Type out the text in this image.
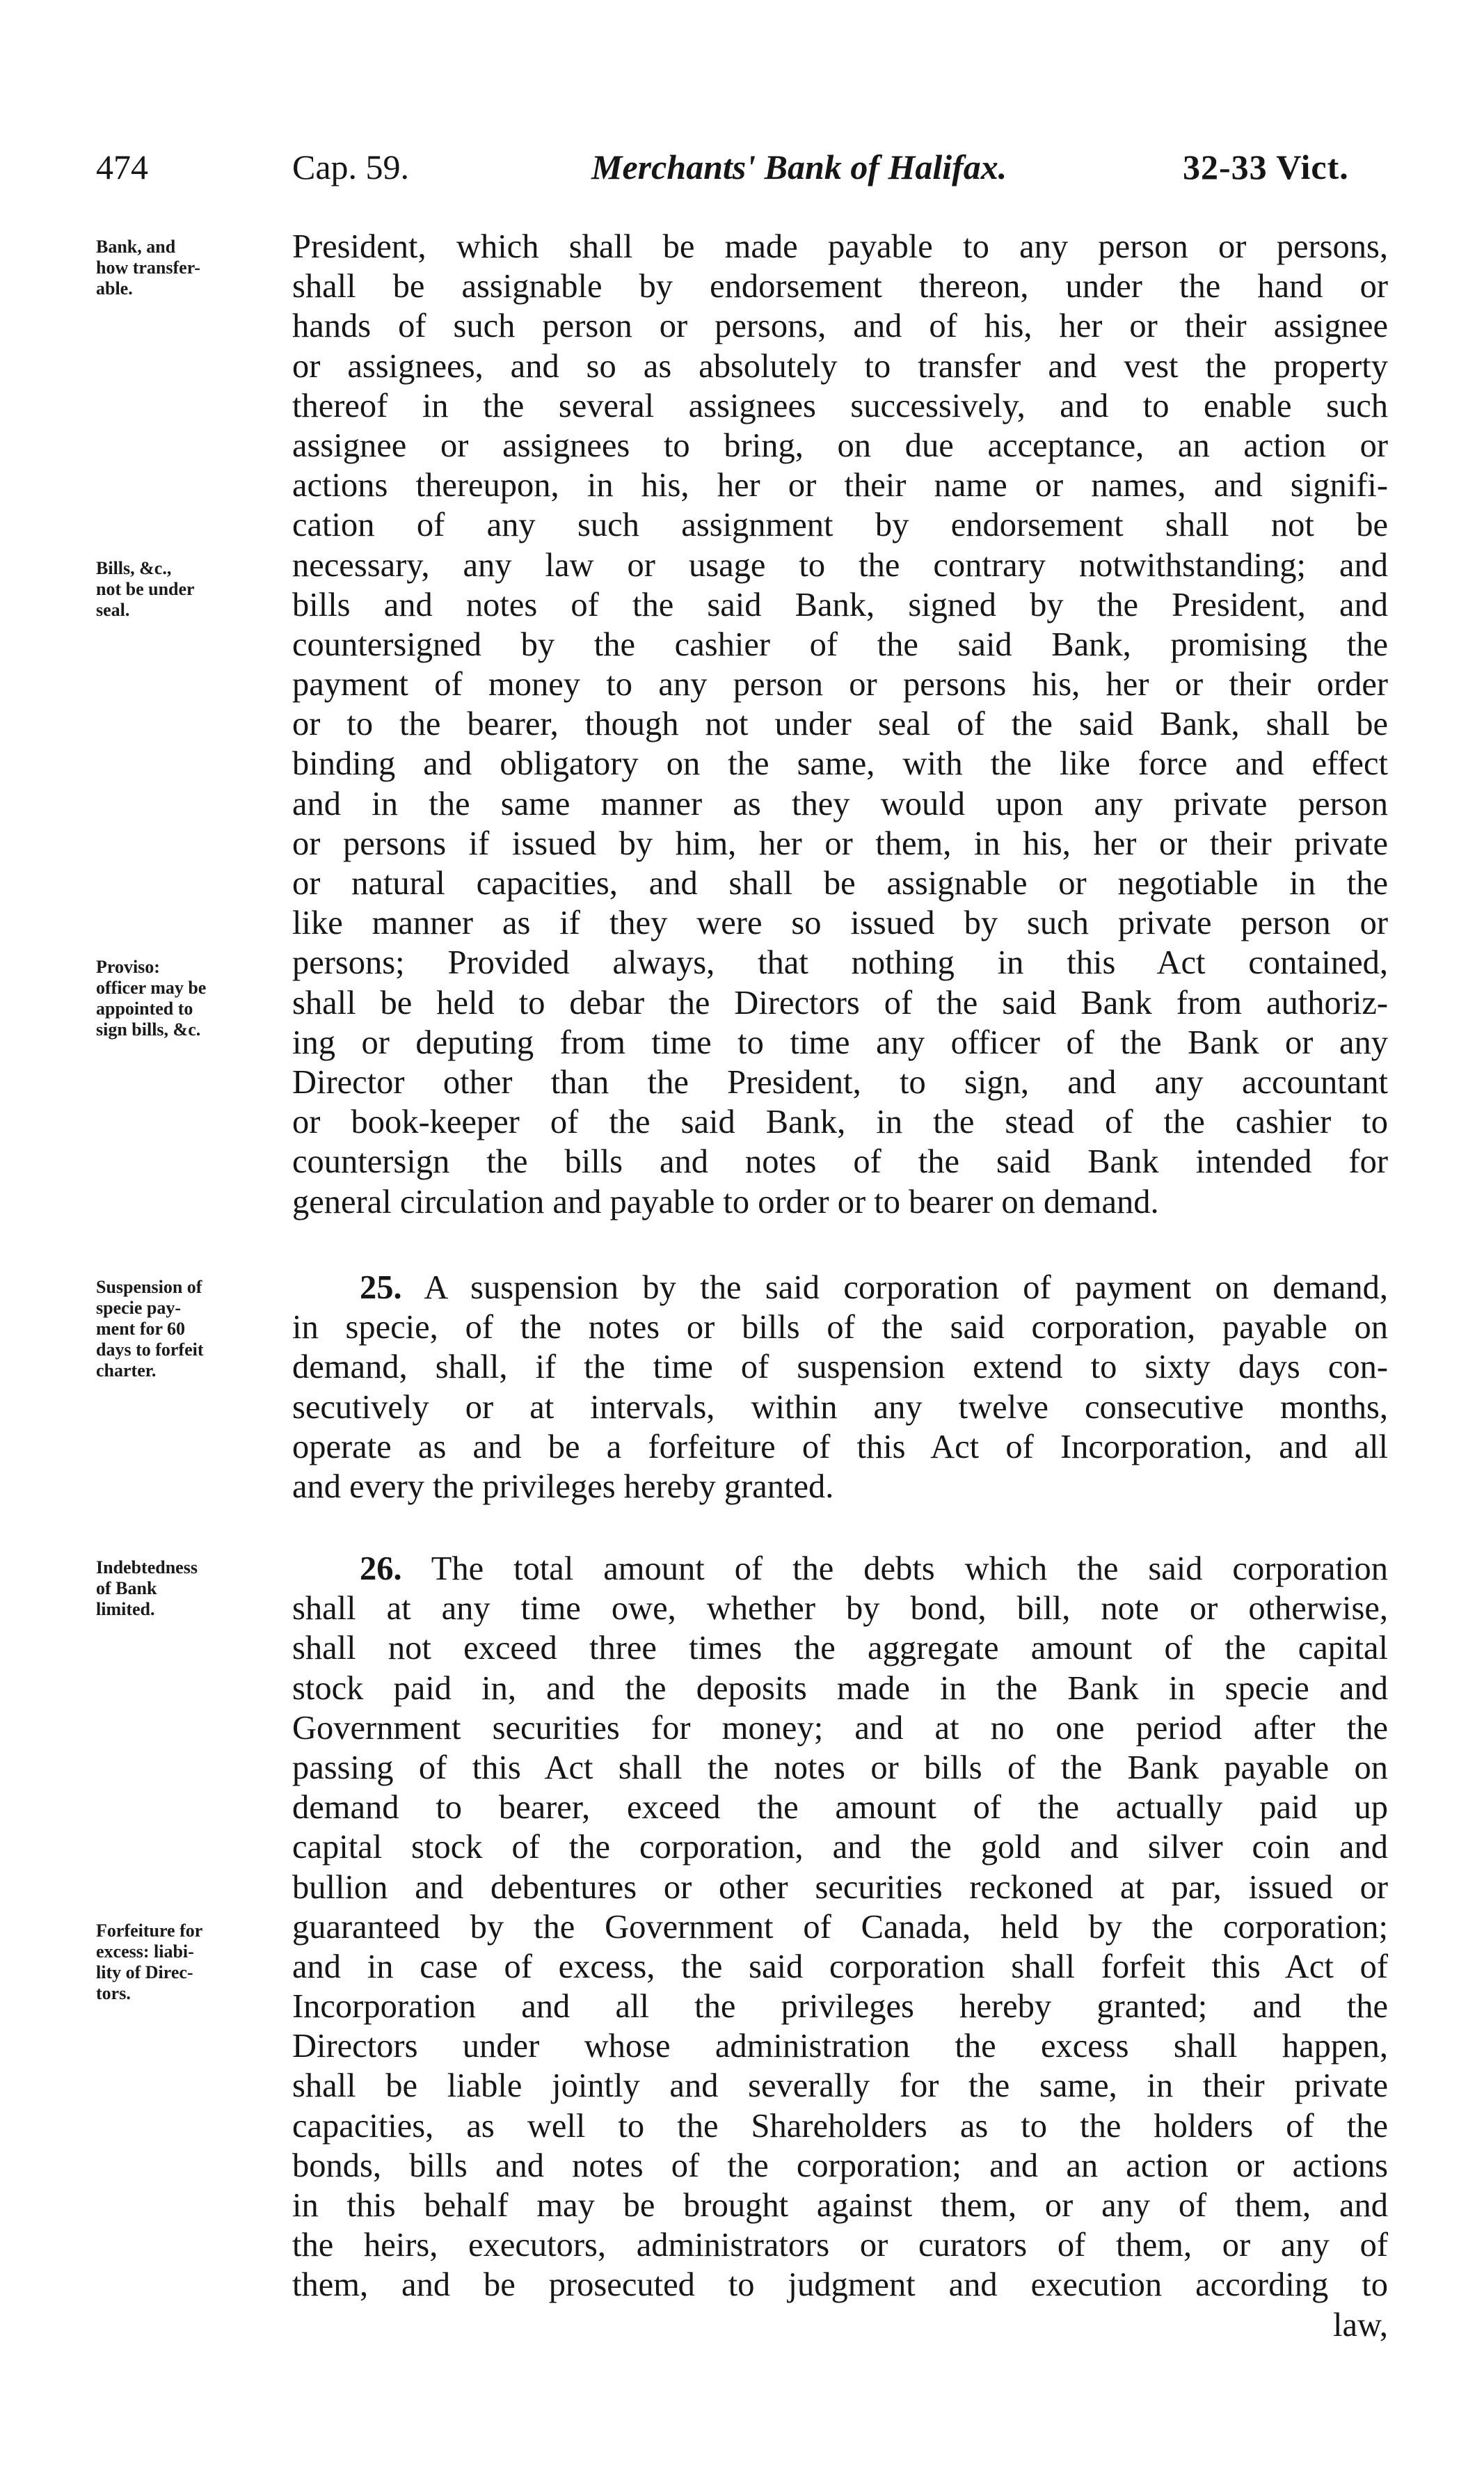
474	Cap. 59.	Merchants' Bank of Halifax.	32-33 Vict.
Bank, and
how transfer-
able.
Bills, &c.,
not be under
seal.
Proviso:
officer may be
appointed to
sign bills, &c.
Suspension of
specie pay-
ment for 60
days to forfeit
charter.
Indebtedness
of Bank
limited.
Forfeiture for
excess: liabi-
lity of Direc-
tors.
President, which shall be made payable to any person or persons,
shall be assignable by endorsement thereon, under the hand or
hands of such person or persons, and of his, her or their assignee
or assignees, and so as absolutely to transfer and vest the property
thereof in the several assignees successively, and to enable such
assignee or assignees to bring, on due acceptance, an action or
actions thereupon, in his, her or their name or names, and signifi-
cation of any such assignment by endorsement shall not be
necessary, any law or usage to the contrary notwithstanding; and
bills and notes of the said Bank, signed by the President, and
countersigned by the cashier of the said Bank, promising the
payment of money to any person or persons his, her or their order
or to the bearer, though not under seal of the said Bank, shall be
binding and obligatory on the same, with the like force and effect
and in the same manner as they would upon any private person
or persons if issued by him, her or them, in his, her or their private
or natural capacities, and shall be assignable or negotiable in the
like manner as if they were so issued by such private person or
persons; Provided always, that nothing in this Act contained,
shall be held to debar the Directors of the said Bank from authoriz-
ing or deputing from time to time any officer of the Bank or any
Director other than the President, to sign, and any accountant
or book-keeper of the said Bank, in the stead of the cashier to
countersign the bills and notes of the said Bank intended for
general circulation and payable to order or to bearer on demand.
  25. A suspension by the said corporation of payment on demand,
in specie, of the notes or bills of the said corporation, payable on
demand, shall, if the time of suspension extend to sixty days con-
secutively or at intervals, within any twelve consecutive months,
operate as and be a forfeiture of this Act of Incorporation, and all
and every the privileges hereby granted.
  26. The total amount of the debts which the said corporation
shall at any time owe, whether by bond, bill, note or otherwise,
shall not exceed three times the aggregate amount of the capital
stock paid in, and the deposits made in the Bank in specie and
Government securities for money; and at no one period after the
passing of this Act shall the notes or bills of the Bank payable on
demand to bearer, exceed the amount of the actually paid up
capital stock of the corporation, and the gold and silver coin and
bullion and debentures or other securities reckoned at par, issued or
guaranteed by the Government of Canada, held by the corporation;
and in case of excess, the said corporation shall forfeit this Act of
Incorporation and all the privileges hereby granted; and the
Directors under whose administration the excess shall happen,
shall be liable jointly and severally for the same, in their private
capacities, as well to the Shareholders as to the holders of the
bonds, bills and notes of the corporation; and an action or actions
in this behalf may be brought against them, or any of them, and
the heirs, executors, administrators or curators of them, or any of
them, and be prosecuted to judgment and execution according to
law,
